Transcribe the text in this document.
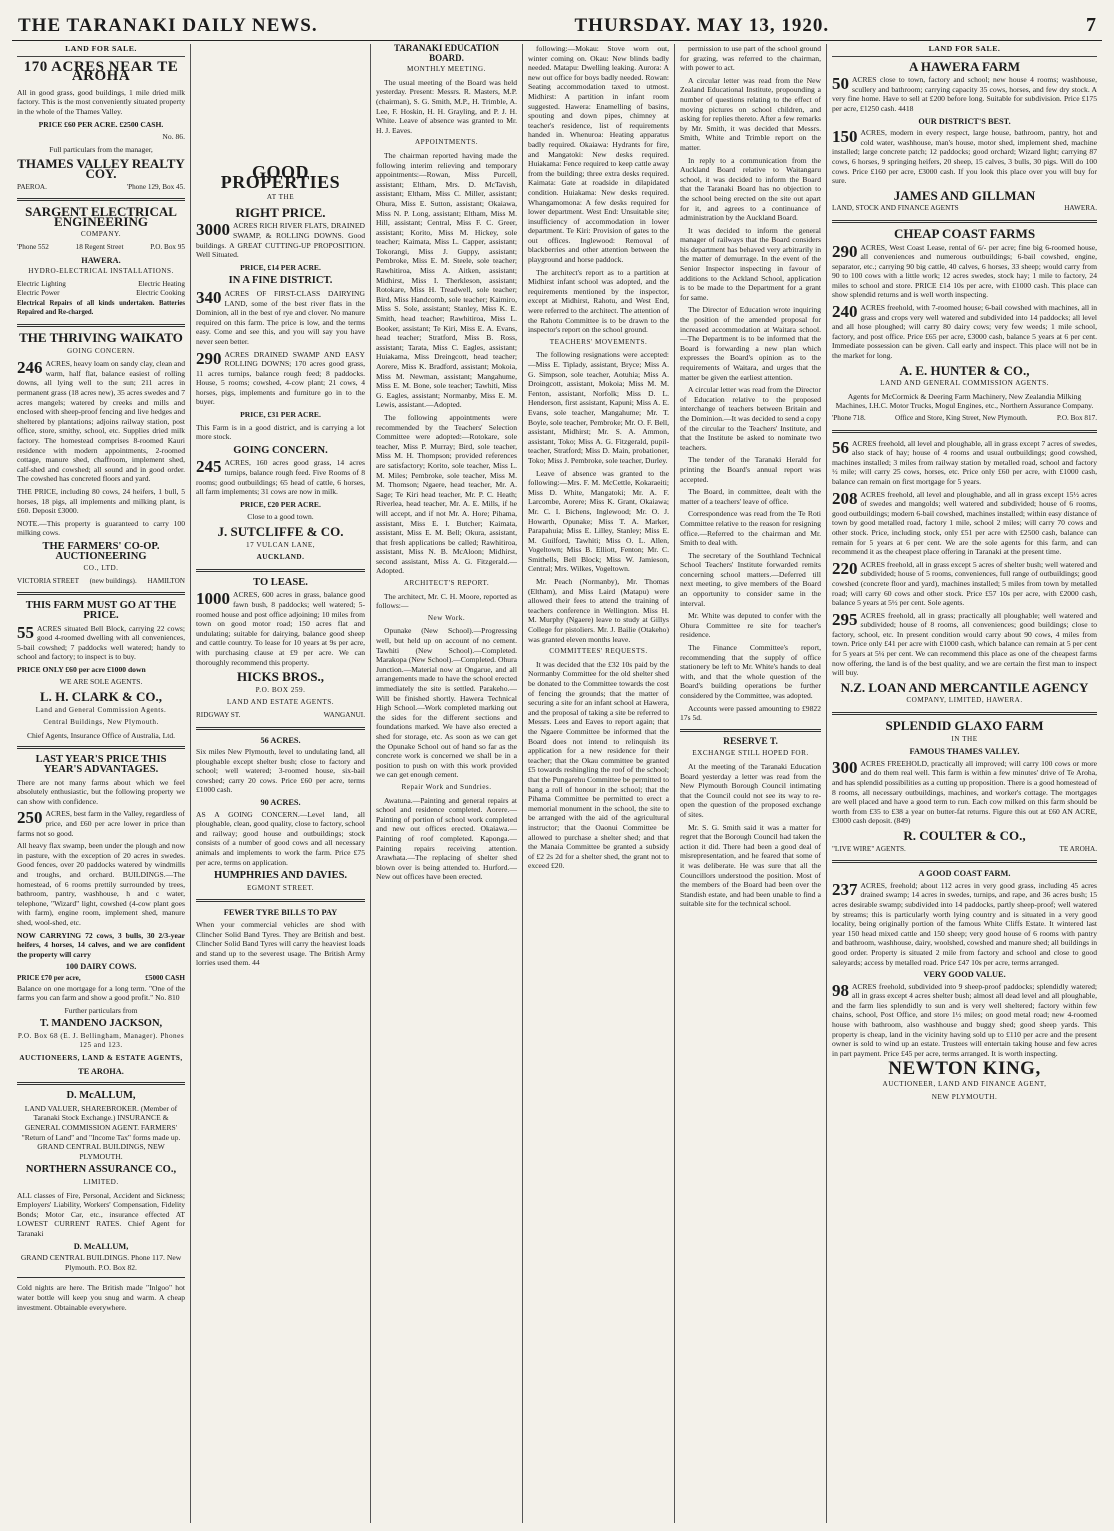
THE TARANAKI DAILY NEWS.	THURSDAY. MAY 13, 1920.	7
LAND FOR SALE.
170 ACRES NEAR TE AROHA

All in good grass, good buildings, 1 mile dried milk factory. This is the most conveniently situated property in the whole of the Thames Valley.

PRICE £60 PER ACRE. £2500 CASH.

No. 86.

Full particulars from the manager,

THAMES VALLEY REALTY COY.
PAEROA.	'Phone 129, Box 45.
SARGENT ELECTRICAL ENGINEERING
COMPANY.
'Phone 552	18 Regent Street	P.O. Box 95
HAWERA.
HYDRO-ELECTRICAL INSTALLATIONS.
Electric Lighting	Electric Heating
Electric Power	Electric Cooking

Electrical Repairs of all kinds undertaken. Batteries Repaired and Re-charged.

THE THRIVING WAIKATO
GOING CONCERN.

246 ACRES, heavy loam on sandy clay, clean and warm, half flat, balance easiest of rolling downs, all lying well to the sun; 211 acres in permanent grass (18 acres new), 35 acres swedes and 7 acres mangels; watered by creeks and mills and enclosed with sheep-proof fencing and live hedges and sheltered by plantations; adjoins railway station, post office, store, smithy, school, etc. Supplies dried milk factory. The homestead comprises 8-roomed Kauri residence with modern appointments, 2-roomed cottage, manure shed, chaffroom, implement shed, calf-shed and cowshed; all sound and in good order. The cowshed has concreted floors and yard.

THE PRICE, including 80 cows, 24 heifers, 1 bull, 5 horses, 18 pigs, all implements and milking plant, is £60. Deposit £3000.

NOTE.—This property is guaranteed to carry 100 milking cows.

THE FARMERS' CO-OP. AUCTIONEERING
CO., LTD.
VICTORIA STREET (new buildings). HAMILTON
THIS FARM MUST GO AT THE PRICE.

55 ACRES situated Bell Block, carrying 22 cows; good 4-roomed dwelling with all conveniences, 5-bail cowshed; 7 paddocks well watered; handy to school and factory; to inspect is to buy.

PRICE ONLY £60 per acre £1000 down

WE ARE SOLE AGENTS.

L. H. CLARK & CO.,
Land and General Commission Agents.
Central Buildings, New Plymouth.

Chief Agents, Insurance Office of Australia, Ltd.

LAST YEAR'S PRICE THIS YEAR'S ADVANTAGES.

There are not many farms about which we feel absolutely enthusiastic, but the following property we can show with confidence.

250 ACRES, best farm in the Valley, regardless of price, and £60 per acre lower in price than farms not so good.

All heavy flax swamp, been under the plough and now in pasture, with the exception of 20 acres in swedes. Good fences, over 20 paddocks watered by windmills and troughs, and orchard. BUILDINGS.—The homestead, of 6 rooms prettily surrounded by trees, bathroom, pantry, washhouse, h and c water, telephone, "Wizard" light, cowshed (4-cow plant goes with farm), engine room, implement shed, manure shed, wool-shed, etc.

NOW CARRYING 72 cows, 3 bulls, 30 2/3-year heifers, 4 horses, 14 calves, and we are confident the property will carry

100 DAIRY COWS.
PRICE £70 per acre,	£5000 CASH

Balance on one mortgage for a long term. "One of the farms you can farm and show a good profit." No. 810

Further particulars from

T. MANDENO JACKSON,
P.O. Box 68 (E. J. Bellingham, Manager). Phones 125 and 123.
AUCTIONEERS, LAND & ESTATE AGENTS,
TE AROHA.
D. McALLUM,

LAND VALUER, SHAREBROKER. (Member of Taranaki Stock Exchange.) INSURANCE & GENERAL COMMISSION AGENT. FARMERS' "Return of Land" and "Income Tax" forms made up. GRAND CENTRAL BUILDINGS, NEW PLYMOUTH.

NORTHERN ASSURANCE CO.,
LIMITED.

ALL classes of Fire, Personal, Accident and Sickness; Employers' Liability, Workers' Compensation, Fidelity Bonds; Motor Car, etc., insurance effected AT LOWEST CURRENT RATES. Chief Agent for Taranaki

D. McALLUM,

GRAND CENTRAL BUILDINGS. Phone 117. New Plymouth. P.O. Box 82.

Cold nights are here. The British made "Inlgoo" hot water bottle will keep you snug and warm. A cheap investment. Obtainable everywhere.

GOOD PROPERTIES
AT THE
RIGHT PRICE.

3000 ACRES RICH RIVER FLATS, DRAINED SWAMP, & ROLLING DOWNS. Good buildings. A GREAT CUTTING-UP PROPOSITION. Well Situated.

PRICE, £14 PER ACRE.

IN A FINE DISTRICT.

340 ACRES OF FIRST-CLASS DAIRYING LAND, some of the best river flats in the Dominion, all in the best of rye and clover. No manure required on this farm. The price is low, and the terms easy. Come and see this, and you will say you have never seen better.

290 ACRES DRAINED SWAMP AND EASY ROLLING DOWNS; 170 acres good grass, 11 acres turnips, balance rough feed; 8 paddocks. House, 5 rooms; cowshed, 4-cow plant; 21 cows, 4 horses, pigs, implements and furniture go in to the buyer.

PRICE, £31 PER ACRE.

This Farm is in a good district, and is carrying a lot more stock.

GOING CONCERN.

245 ACRES, 160 acres good grass, 14 acres turnips, balance rough feed. Five Rooms of 8 rooms; good outbuildings; 65 head of cattle, 6 horses, all farm implements; 31 cows are now in milk.

PRICE, £20 PER ACRE.

Close to a good town.

J. SUTCLIFFE & CO.
17 VULCAN LANE,
AUCKLAND.
TO LEASE.

1000 ACRES, 600 acres in grass, balance good fawn bush, 8 paddocks; well watered; 5-roomed house and post office adjoining; 10 miles from town on good motor road; 150 acres flat and undulating; suitable for dairying, balance good sheep and cattle country. To lease for 10 years at 9s per acre, with purchasing clause at £9 per acre. We can thoroughly recommend this property.

HICKS BROS.,
P.O. BOX 259.
LAND AND ESTATE AGENTS.
RIDGWAY ST.	WANGANUI.
56 ACRES.

Six miles New Plymouth, level to undulating land, all ploughable except shelter bush; close to factory and school; well watered; 3-roomed house, six-bail cowshed; carry 20 cows. Price £60 per acre, terms £1000 cash.

90 ACRES.

AS A GOING CONCERN.—Level land, all ploughable, clean, good quality, close to factory, school and railway; good house and outbuildings; stock consists of a number of good cows and all necessary animals and implements to work the farm. Price £75 per acre, terms on application.

HUMPHRIES AND DAVIES.
EGMONT STREET.
FEWER TYRE BILLS TO PAY

When your commercial vehicles are shod with Clincher Solid Band Tyres. They are British and best. Clincher Solid Band Tyres will carry the heaviest loads and stand up to the severest usage. The British Army lorries used them. 44

TARANAKI EDUCATION BOARD.
MONTHLY MEETING.

The usual meeting of the Board was held yesterday. Present: Messrs. R. Masters, M.P. (chairman), S. G. Smith, M.P., H. Trimble, A. Lee, F. Hoskin, H. H. Grayling, and P. J. H. White. Leave of absence was granted to Mr. H. J. Eaves.

APPOINTMENTS.

The chairman reported having made the following interim relieving and temporary appointments:—Rowan, Miss Purcell, assistant; Eltham, Mrs. D. McTavish, assistant; Eltham, Miss C. Miller, assistant; Ohura, Miss E. Sutton, assistant; Okaiawa, Miss N. P. Long, assistant; Eltham, Miss M. Hill, assistant; Central, Miss F. C. Greer, assistant; Korito, Miss M. Hickey, sole teacher; Kaimata, Miss L. Capper, assistant; Tokorangi, Miss J. Guppy, assistant; Pembroke, Miss E. M. Steele, sole teacher; Rawhitiroa, Miss A. Aitken, assistant; Midhirst, Miss I. Therkleson, assistant; Rotokare, Miss H. Treadwell, sole teacher; Bird, Miss Handcomb, sole teacher; Kaimiro, Miss S. Sole, assistant; Stanley, Miss K. E. Smith, head teacher; Rawhitiroa, Miss L. Booker, assistant; Te Kiri, Miss E. A. Evans, head teacher; Stratford, Miss B. Ross, assistant; Tarata, Miss C. Eagles, assistant; Huiakama, Miss Dreingcott, head teacher; Aorere, Miss K. Bradford, assistant; Mokoia, Miss M. Newman, assistant; Mangahume, Miss E. M. Bone, sole teacher; Tawhiti, Miss G. Eagles, assistant; Normanby, Miss E. M. Lewis, assistant.—Adopted.

The following appointments were recommended by the Teachers' Selection Committee were adopted:—Rotokare, sole teacher, Miss P. Murray; Bird, sole teacher, Miss M. H. Thompson; provided references are satisfactory; Korito, sole teacher, Miss L. M. Miles; Pembroke, sole teacher, Miss M. M. Thomson; Ngaere, head teacher, Mr. A. Sage; Te Kiri head teacher, Mr. P. C. Heath; Riverlea, head teacher, Mr. A. E. Mills, if he will accept, and if not Mr. A. Hore; Pihama, assistant, Miss E. I. Butcher; Kaimata, assistant, Miss E. M. Bell; Okura, assistant, that fresh applications be called; Rawhitiroa, assistant, Miss N. B. McAloon; Midhirst, second assistant, Miss A. G. Fitzgerald.—Adopted.

ARCHITECT'S REPORT.

The architect, Mr. C. H. Moore, reported as follows:—

New Work.

Opunake (New School).—Progressing well, but held up on account of no cement. Tawhiti (New School).—Completed. Marakopa (New School).—Completed. Ohura Junction.—Material now at Ongarue, and all arrangements made to have the school erected immediately the site is settled. Parakeho.—Will be finished shortly. Hawera Technical High School.—Work completed marking out the sides for the different sections and foundations marked. We have also erected a shed for storage, etc. As soon as we can get the Opunake School out of hand so far as the concrete work is concerned we shall be in a position to push on with this work provided we can get enough cement.

Repair Work and Sundries.

Awatuna.—Painting and general repairs at school and residence completed. Aorere.—Painting of portion of school work completed and new out offices erected. Okaiawa.—Painting of roof completed. Kaponga.—Painting repairs receiving attention. Arawhata.—The replacing of shelter shed blown over is being attended to. Hurford.—New out offices have been erected.

following:—Mokau: Stove worn out, winter coming on. Okau: New blinds badly needed. Matapu: Dwelling leaking. Aurora: A new out office for boys badly needed. Rowan: Seating accommodation taxed to utmost. Midhirst: A partition in infant room suggested. Hawera: Enamelling of basins, spouting and down pipes, chimney at teacher's residence, list of requirements handed in. Whenuroa: Heating apparatus badly required. Okaiawa: Hydrants for fire, and Mangatoki: New desks required. Huiakama: Fence required to keep cattle away from the building; three extra desks required. Kaimata: Gate at roadside in dilapidated condition. Huiakama: New desks required. Whangamomona: A few desks required for lower department. West End: Unsuitable site; insufficiency of accommodation in lower department. Te Kiri: Provision of gates to the out offices. Inglewood: Removal of blackberries and other attention between the playground and horse paddock.

The architect's report as to a partition at Midhirst infant school was adopted, and the requirements mentioned by the inspector, except at Midhirst, Rahotu, and West End, were referred to the architect. The attention of the Rahotu Committee is to be drawn to the inspector's report on the school ground.

TEACHERS' MOVEMENTS.

The following resignations were accepted:—Miss E. Tiplady, assistant, Bryce; Miss A. G. Simpson, sole teacher, Aotuhia; Miss A. Droingcott, assistant, Mokoia; Miss M. M. Fenton, assistant, Norfolk; Miss D. L. Henderson, first assistant, Kapuni; Miss A. E. Evans, sole teacher, Mangahume; Mr. T. Boyle, sole teacher, Pembroke; Mr. O. F. Bell, assistant, Midhirst; Mr. S. A. Ammon, assistant, Toko; Miss A. G. Fitzgerald, pupil-teacher, Stratford; Miss D. Main, probationer, Toko; Miss J. Pembroke, sole teacher, Durley.

Leave of absence was granted to the following:—Mrs. F. M. McCettle, Kokaraeiti; Miss D. White, Mangatoki; Mr. A. F. Larcombe, Aorere; Miss K. Grant, Okaiawa; Mr. C. I. Bichens, Inglewood; Mr. O. J. Howarth, Opunake; Miss T. A. Marker, Parapahuia; Miss E. Lilley, Stanley; Miss E. M. Guilford, Tawhiti; Miss O. L. Allen, Vogeltown; Miss B. Elliott, Fenton; Mr. C. Smithells, Bell Block; Miss W. Jamieson, Central; Mrs. Wilkes, Vogeltown.

Mr. Peach (Normanby), Mr. Thomas (Eltham), and Miss Laird (Matapu) were allowed their fees to attend the training of teachers conference in Wellington. Miss H. M. Murphy (Ngaere) leave to study at Gillys College for pistoliers. Mr. J. Bailie (Otakeho) was granted eleven months leave.

COMMITTEES' REQUESTS.

It was decided that the £32 10s paid by the Normanby Committee for the old shelter shed be donated to the Committee towards the cost of fencing the grounds; that the matter of securing a site for an infant school at Hawera, and the proposal of taking a site be referred to Messrs. Lees and Eaves to report again; that the Ngaere Committee be informed that the Board does not intend to relinquish its application for a new residence for their teacher; that the Okau committee be granted £5 towards reshingling the roof of the school; that the Pungarehu Committee be permitted to hang a roll of honour in the school; that the Pihama Committee be permitted to erect a memorial monument in the school, the site to be arranged with the aid of the agricultural instructor; that the Oaonui Committee be allowed to purchase a shelter shed; and that the Manaia Committee be granted a subsidy of £2 2s 2d for a shelter shed, the grant not to exceed £20.

permission to use part of the school ground for grazing, was referred to the chairman, with power to act.

A circular letter was read from the New Zealand Educational Institute, propounding a number of questions relating to the effect of moving pictures on school children, and asking for replies thereto. After a few remarks by Mr. Smith, it was decided that Messrs. Smith, White and Trimble report on the matter.

In reply to a communication from the Auckland Board relative to Waitangaru school, it was decided to inform the Board that the Taranaki Board has no objection to the school being erected on the site out apart for it, and agrees to a continuance of administration by the Auckland Board.

It was decided to inform the general manager of railways that the Board considers his department has behaved very arbitrarily in the matter of demurrage. In the event of the Senior Inspector inspecting in favour of additions to the Ackland School, application is to be made to the Department for a grant for same.

The Director of Education wrote inquiring the position of the amended proposal for increased accommodation at Waitara school.—The Department is to be informed that the Board is forwarding a new plan which expresses the Board's opinion as to the requirements of Waitara, and urges that the matter be given the earliest attention.

A circular letter was read from the Director of Education relative to the proposed interchange of teachers between Britain and the Dominion.—It was decided to send a copy of the circular to the Teachers' Institute, and that the Institute be asked to nominate two teachers.

The tender of the Taranaki Herald for printing the Board's annual report was accepted.

The Board, in committee, dealt with the matter of a teachers' leave of office.

Correspondence was read from the Te Roti Committee relative to the reason for resigning office.—Referred to the chairman and Mr. Smith to deal with.

The secretary of the Southland Technical School Teachers' Institute forwarded remits concerning school matters.—Deferred till next meeting, to give members of the Board an opportunity to consider same in the interval.

Mr. White was deputed to confer with the Ohura Committee re site for teacher's residence.

The Finance Committee's report, recommending that the supply of office stationery be left to Mr. White's hands to deal with, and that the whole question of the Board's building operations be further considered by the Committee, was adopted.

Accounts were passed amounting to £9822 17s 5d.

RESERVE T.
EXCHANGE STILL HOPED FOR.

At the meeting of the Taranaki Education Board yesterday a letter was read from the New Plymouth Borough Council intimating that the Council could not see its way to re-open the question of the proposed exchange of sites.

Mr. S. G. Smith said it was a matter for regret that the Borough Council had taken the action it did. There had been a good deal of misrepresentation, and he feared that some of it was deliberate. He was sure that all the Councillors understood the position. Most of the members of the Board had been over the Standish estate, and had been unable to find a suitable site for the technical school.

LAND FOR SALE.
A HAWERA FARM

50 ACRES close to town, factory and school; new house 4 rooms; washhouse, scullery and bathroom; carrying capacity 35 cows, horses, and few dry stock. A very fine home. Have to sell at £200 before long. Suitable for subdivision. Price £175 per acre, £1250 cash. 4418

OUR DISTRICT'S BEST.

150 ACRES, modern in every respect, large house, bathroom, pantry, hot and cold water, washhouse, man's house, motor shed, implement shed, machine installed; large concrete patch; 12 paddocks; good orchard; Wizard light; carrying 87 cows, 6 horses, 9 springing heifers, 20 sheep, 15 calves, 3 bulls, 30 pigs. Will do 100 cows. Price £160 per acre, £3000 cash. If you look this place over you will buy for sure.

JAMES AND GILLMAN
LAND, STOCK AND FINANCE AGENTS	HAWERA.
CHEAP COAST FARMS

290 ACRES, West Coast Lease, rental of 6/- per acre; fine big 6-roomed house, all conveniences and numerous outbuildings; 6-bail cowshed, engine, separator, etc.; carrying 90 big cattle, 40 calves, 6 horses, 33 sheep; would carry from 90 to 100 cows with a little work; 12 acres swedes, stock hay; 1 mile to factory, 24 miles to school and store. PRICE £14 10s per acre, with £1000 cash. This place can show splendid returns and is well worth inspecting.

240 ACRES freehold, with 7-roomed house; 6-bail cowshed with machines, all in grass and crops very well watered and subdivided into 14 paddocks; all level and all hose ploughed; will carry 80 dairy cows; very few weeds; 1 mile school, factory, and post office. Price £65 per acre, £3000 cash, balance 5 years at 6 per cent. Immediate possession can be given. Call early and inspect. This place will not be in the market for long.

A. E. HUNTER & CO.,
LAND AND GENERAL COMMISSION AGENTS.

Agents for McCormick & Deering Farm Machinery, New Zealandia Milking Machines, I.H.C. Motor Trucks, Mogul Engines, etc., Northern Assurance Company.

'Phone 718.	Office and Store, King Street, New Plymouth.	P.O. Box 817.

56 ACRES freehold, all level and ploughable, all in grass except 7 acres of swedes, also stack of hay; house of 4 rooms and usual outbuildings; good cowshed, machines installed; 3 miles from railway station by metalled road, school and factory ½ mile; will carry 25 cows, horses, etc. Price only £60 per acre, with £1000 cash, balance can remain on first mortgage for 5 years.

208 ACRES freehold, all level and ploughable, and all in grass except 15½ acres of swedes and mangolds; well watered and subdivided; house of 6 rooms, good outbuildings; modern 6-bail cowshed, machines installed; within easy distance of town by good metalled road, factory 1 mile, school 2 miles; will carry 70 cows and other stock. Price, including stock, only £51 per acre with £2500 cash, balance can remain for 5 years at 6 per cent. We are the sole agents for this farm, and can recommend it as the cheapest place offering in Taranaki at the present time.

220 ACRES freehold, all in grass except 5 acres of shelter bush; well watered and subdivided; house of 5 rooms, conveniences, full range of outbuildings; good cowshed (concrete floor and yard), machines installed; 5 miles from town by metalled road; will carry 60 cows and other stock. Price £57 10s per acre, with £2000 cash, balance 5 years at 5½ per cent. Sole agents.

295 ACRES freehold, all in grass; practically all ploughable; well watered and subdivided; house of 8 rooms, all conveniences; good buildings; close to factory, school, etc. In present condition would carry about 90 cows, 4 miles from town. Price only £41 per acre with £1000 cash, which balance can remain at 5 per cent for 5 years at 5¼ per cent. We can recommend this place as one of the cheapest farms now offering, the land is of the best quality, and we are certain the first man to inspect will buy.

N.Z. LOAN AND MERCANTILE AGENCY
COMPANY, LIMITED, HAWERA.
SPLENDID GLAXO FARM
IN THE
FAMOUS THAMES VALLEY.

300 ACRES FREEHOLD, practically all improved; will carry 100 cows or more and do them real well. This farm is within a few minutes' drive of Te Aroha, and has splendid possibilities as a cutting up proposition. There is a good homestead of 8 rooms, all necessary outbuildings, machines, and worker's cottage. The mortgages are well placed and have a good term to run. Each cow milked on this farm should be worth from £35 to £38 a year on butter-fat returns. Figure this out at £60 AN ACRE, £3000 cash deposit. (849)

R. COULTER & CO.,
"LIVE WIRE" AGENTS.	TE AROHA.
A GOOD COAST FARM.

237 ACRES, freehold; about 112 acres in very good grass, including 45 acres drained swamp; 14 acres in swedes, turnips, and rape, and 36 acres bush; 15 acres desirable swamp; subdivided into 14 paddocks, partly sheep-proof; well watered by streams; this is particularly worth lying country and is situated in a very good locality, being originally portion of the famous White Cliffs Estate. It wintered last year 150 head mixed cattle and 150 sheep; very good house of 6 rooms with pantry and bathroom, washhouse, dairy, woolshed, cowshed and manure shed; all buildings in good order. Property is situated 2 mile from factory and school and close to good saleyards; access by metalled road. Price £47 10s per acre, terms arranged.

VERY GOOD VALUE.

98 ACRES freehold, subdivided into 9 sheep-proof paddocks; splendidly watered; all in grass except 4 acres shelter bush; almost all dead level and all ploughable, and the farm lies splendidly to sun and is very well sheltered; factory within few chains, school, Post Office, and store 1½ miles; on good metal road; new 4-roomed house with bathroom, also washhouse and buggy shed; good sheep yards. This property is cheap, land in the vicinity having sold up to £110 per acre and the present owner is sold to wind up an estate. Trustees will entertain taking house and few acres in part payment. Price £45 per acre, terms arranged. It is worth inspecting.

NEWTON KING,
AUCTIONEER, LAND AND FINANCE AGENT,
NEW PLYMOUTH.
